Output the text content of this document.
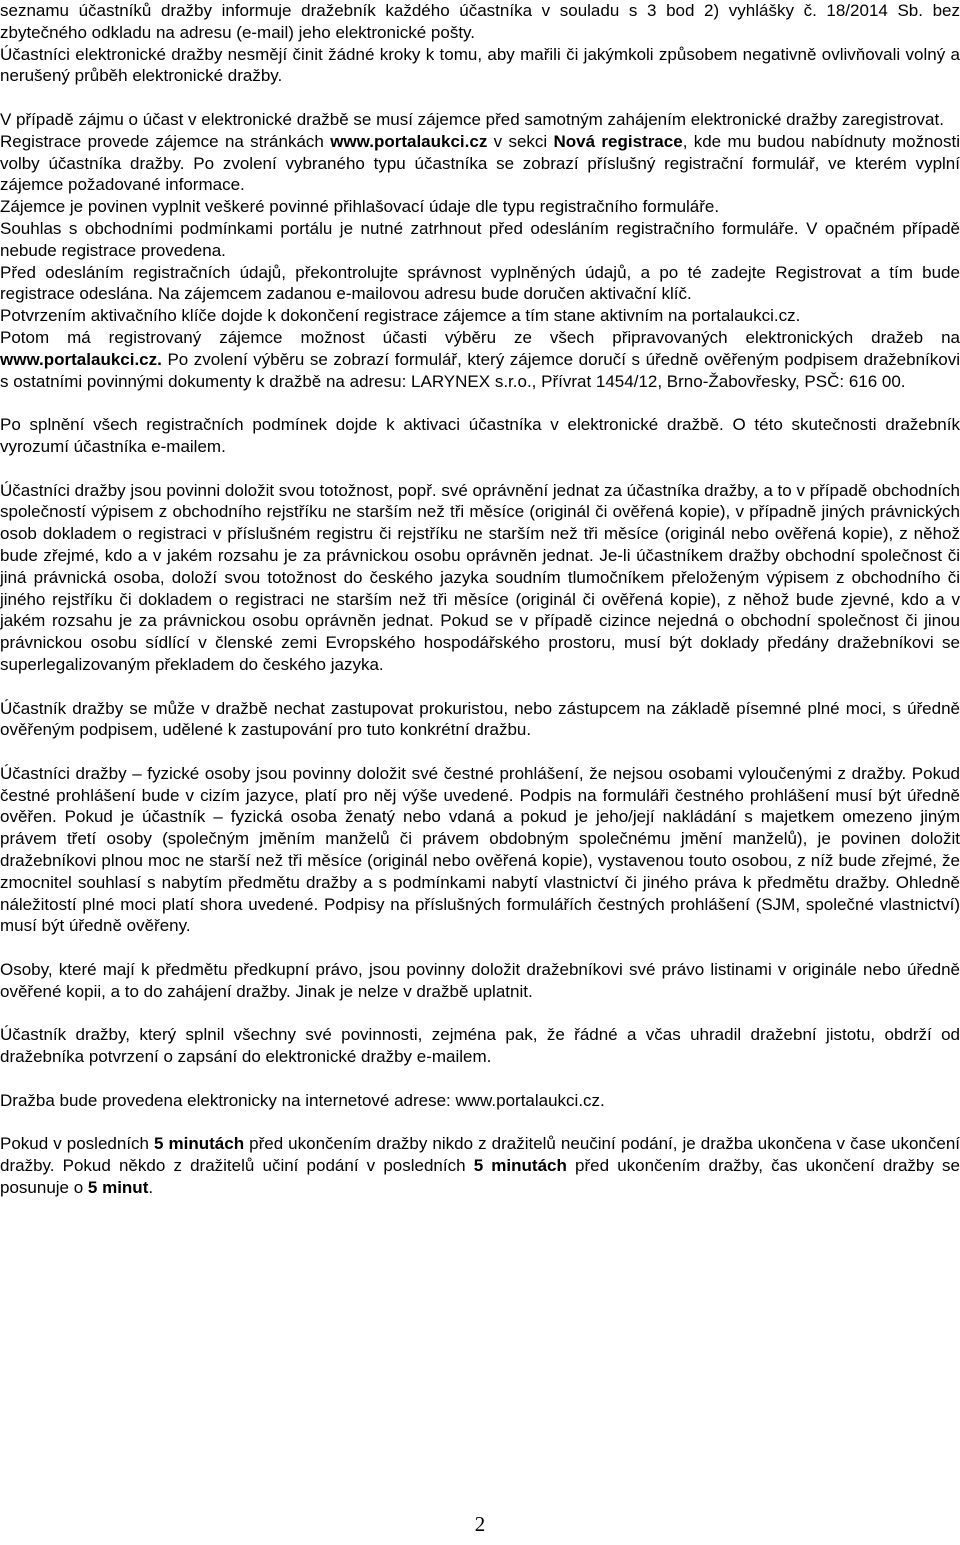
seznamu účastníků dražby informuje dražebník každého účastníka v souladu s 3 bod 2) vyhlášky č. 18/2014 Sb. bez zbytečného odkladu na adresu (e-mail) jeho elektronické pošty.

Účastníci elektronické dražby nesmějí činit žádné kroky k tomu, aby mařili či jakýmkoli způsobem negativně ovlivňovali volný a nerušený průběh elektronické dražby.

V případě zájmu o účast v elektronické dražbě se musí zájemce před samotným zahájením elektronické dražby zaregistrovat.

Registrace provede zájemce na stránkách www.portalaukci.cz v sekci Nová registrace, kde mu budou nabídnuty možnosti volby účastníka dražby. Po zvolení vybraného typu účastníka se zobrazí příslušný registrační formulář, ve kterém vyplní zájemce požadované informace.

Zájemce je povinen vyplnit veškeré povinné přihlašovací údaje dle typu registračního formuláře.

Souhlas s obchodními podmínkami portálu je nutné zatrhnout před odesláním registračního formuláře. V opačném případě nebude registrace provedena.

Před odesláním registračních údajů, překontrolujte správnost vyplněných údajů, a po té zadejte Registrovat a tím bude registrace odeslána. Na zájemcem zadanou e-mailovou adresu bude doručen aktivační klíč.

Potvrzením aktivačního klíče dojde k dokončení registrace zájemce a tím stane aktivním na portalaukci.cz.

Potom má registrovaný zájemce možnost účasti výběru ze všech připravovaných elektronických dražeb na www.portalaukci.cz. Po zvolení výběru se zobrazí formulář, který zájemce doručí s úředně ověřeným podpisem dražebníkovi s ostatními povinnými dokumenty k dražbě na adresu: LARYNEX s.r.o., Přívrat 1454/12, Brno-Žabovřesky, PSČ: 616 00.

Po splnění všech registračních podmínek dojde k aktivaci účastníka v elektronické dražbě. O této skutečnosti dražebník vyrozumí účastníka e-mailem.

Účastníci dražby jsou povinni doložit svou totožnost, popř. své oprávnění jednat za účastníka dražby, a to v případě obchodních společností výpisem z obchodního rejstříku ne starším než tři měsíce (originál či ověřená kopie), v případně jiných právnických osob dokladem o registraci v příslušném registru či rejstříku ne starším než tři měsíce (originál nebo ověřená kopie), z něhož bude zřejmé, kdo a v jakém rozsahu je za právnickou osobu oprávněn jednat. Je-li účastníkem dražby obchodní společnost či jiná právnická osoba, doloží svou totožnost do českého jazyka soudním tlumočníkem přeloženým výpisem z obchodního či jiného rejstříku či dokladem o registraci ne starším než tři měsíce (originál či ověřená kopie), z něhož bude zjevné, kdo a v jakém rozsahu je za právnickou osobu oprávněn jednat. Pokud se v případě cizince nejedná o obchodní společnost či jinou právnickou osobu sídlící v členské zemi Evropského hospodářského prostoru, musí být doklady předány dražebníkovi se superlegalizovaným překladem do českého jazyka.

Účastník dražby se může v dražbě nechat zastupovat prokuristou, nebo zástupcem na základě písemné plné moci, s úředně ověřeným podpisem, udělené k zastupování pro tuto konkrétní dražbu.

Účastníci dražby – fyzické osoby jsou povinny doložit své čestné prohlášení, že nejsou osobami vyloučenými z dražby. Pokud čestné prohlášení bude v cizím jazyce, platí pro něj výše uvedené. Podpis na formuláři čestného prohlášení musí být úředně ověřen. Pokud je účastník – fyzická osoba ženatý nebo vdaná a pokud je jeho/její nakládání s majetkem omezeno jiným právem třetí osoby (společným jměním manželů či právem obdobným společnému jmění manželů), je povinen doložit dražebníkovi plnou moc ne starší než tři měsíce (originál nebo ověřená kopie), vystavenou touto osobou, z níž bude zřejmé, že zmocnitel souhlasí s nabytím předmětu dražby a s podmínkami nabytí vlastnictví či jiného práva k předmětu dražby. Ohledně náležitostí plné moci platí shora uvedené. Podpisy na příslušných formulářích čestných prohlášení (SJM, společné vlastnictví) musí být úředně ověřeny.

Osoby, které mají k předmětu předkupní právo, jsou povinny doložit dražebníkovi své právo listinami v originále nebo úředně ověřené kopii, a to do zahájení dražby. Jinak je nelze v dražbě uplatnit.

Účastník dražby, který splnil všechny své povinnosti, zejména pak, že řádné a včas uhradil dražební jistotu, obdrží od dražebníka potvrzení o zapsání do elektronické dražby e-mailem.

Dražba bude provedena elektronicky na internetové adrese: www.portalaukci.cz.

Pokud v posledních 5 minutách před ukončením dražby nikdo z dražitelů neučiní podání, je dražba ukončena v čase ukončení dražby. Pokud někdo z dražitelů učiní podání v posledních 5 minutách před ukončením dražby, čas ukončení dražby se posunuje o 5 minut.

2
